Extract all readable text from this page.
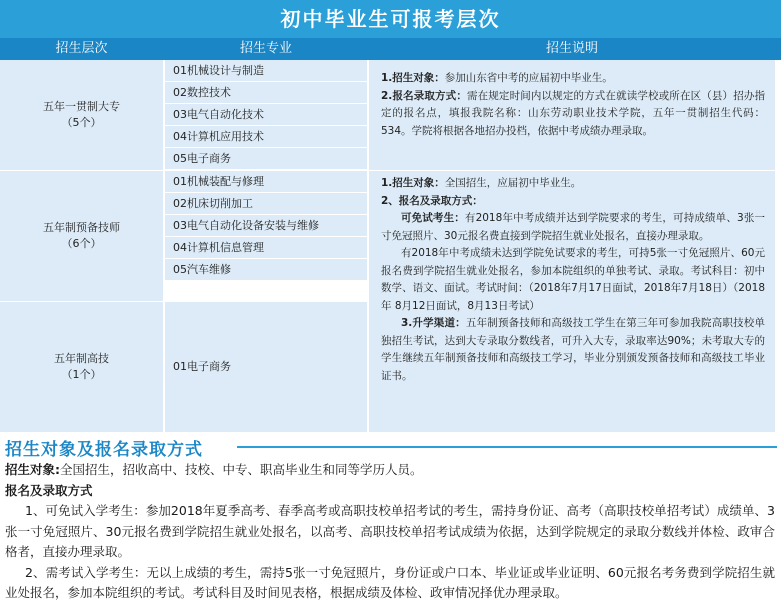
初中毕业生可报考层次
招生层次	招生专业	招生说明
五年一贯制大专
（5个）
01机械设计与制造
02数控技术
03电气自动化技术
04计算机应用技术
05电子商务

1.招生对象：参加山东省中考的应届初中毕业生。

2.报名录取方式：需在规定时间内以规定的方式在就读学校或所在区（县）招办指定的报名点，填报我院名称：山东劳动职业技术学院，五年一贯制招生代码：534。学院将根据各地招办投档，依据中考成绩办理录取。

五年制预备技师
（6个）
01机械装配与修理
02机床切削加工
03电气自动化设备安装与维修
04计算机信息管理
05汽车维修
五年制高技
（1个）
01电子商务

1.招生对象：全国招生，应届初中毕业生。

2、报名及录取方式：

可免试考生：有2018年中考成绩并达到学院要求的考生，可持成绩单、3张一寸免冠照片、30元报名费直接到学院招生就业处报名，直接办理录取。

有2018年中考成绩未达到学院免试要求的考生，可持5张一寸免冠照片、60元报名费到学院招生就业处报名，参加本院组织的单独考试、录取。考试科目：初中数学、语文、面试。考试时间：（2018年7月17日面试，2018年7月18日）（2018年 8月12日面试，8月13日考试）

3.升学渠道：五年制预备技师和高级技工学生在第三年可参加我院高职技校单独招生考试，达到大专录取分数线者，可升入大专，录取率达90%；未考取大专的学生继续五年制预备技师和高级技工学习，毕业分别颁发预备技师和高级技工毕业证书。

招生对象及报名录取方式

招生对象:全国招生，招收高中、技校、中专、职高毕业生和同等学历人员。

报名及录取方式

1、可免试入学考生：参加2018年夏季高考、春季高考或高职技校单招考试的考生，需持身份证、高考（高职技校单招考试）成绩单、3张一寸免冠照片、30元报名费到学院招生就业处报名，以高考、高职技校单招考试成绩为依据，达到学院规定的录取分数线并体检、政审合格者，直接办理录取。

2、需考试入学考生：无以上成绩的考生，需持5张一寸免冠照片，身份证或户口本、毕业证或毕业证明、60元报名考务费到学院招生就业处报名，参加本院组织的考试。考试科目及时间见表格，根据成绩及体检、政审情况择优办理录取。
